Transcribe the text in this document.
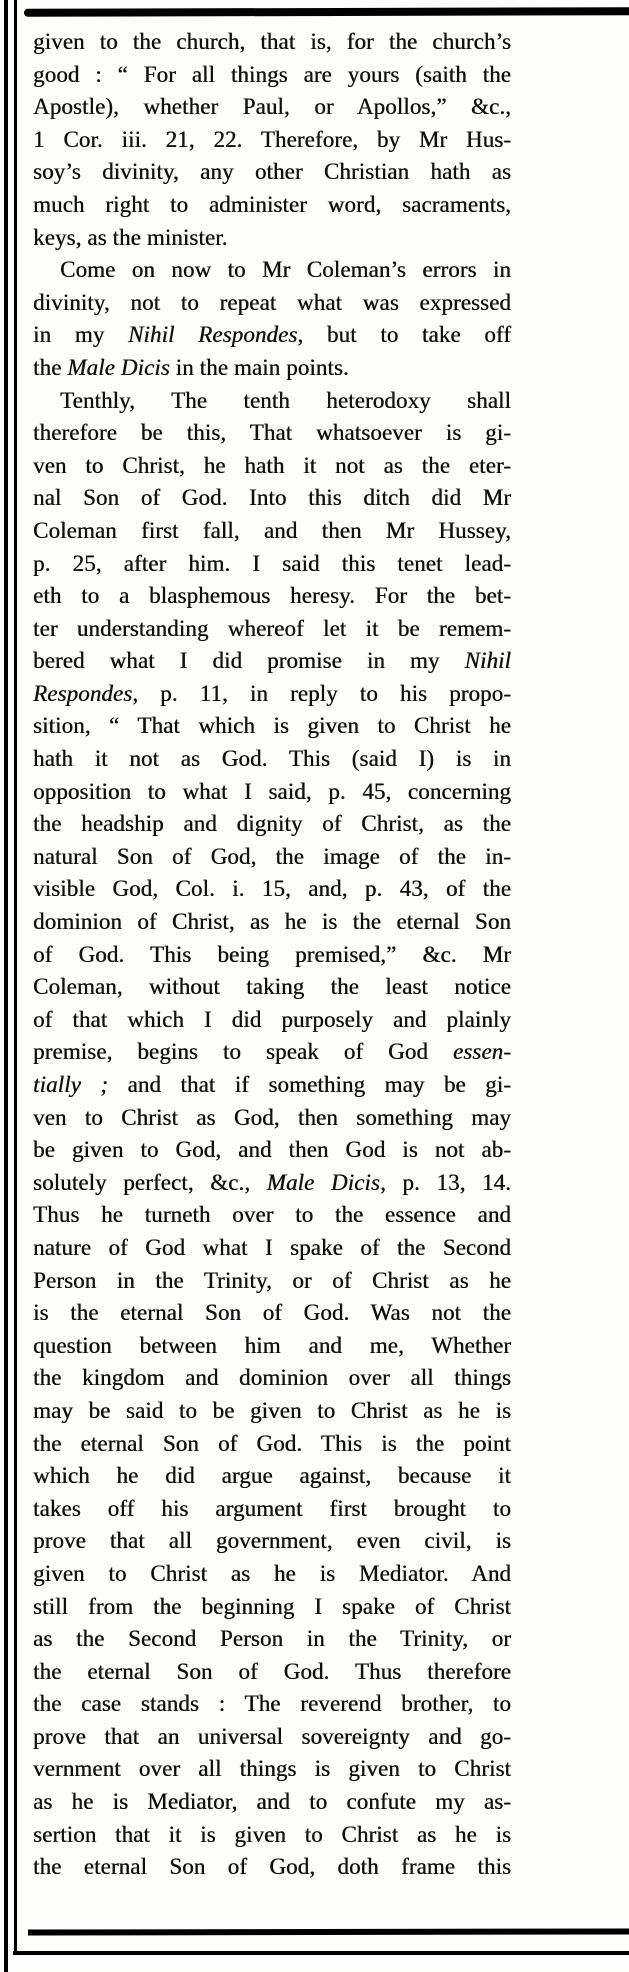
given to the church, that is, for the church’s
good : “ For all things are yours (saith the
Apostle), whether Paul, or Apollos,” &c.,
1 Cor. iii. 21, 22. Therefore, by Mr Hus-
soy’s divinity, any other Christian hath as
much right to administer word, sacraments,
keys, as the minister.
Come on now to Mr Coleman’s errors in
divinity, not to repeat what was expressed
in my Nihil Respondes, but to take off
the Male Dicis in the main points.
Tenthly, The tenth heterodoxy shall
therefore be this, That whatsoever is gi-
ven to Christ, he hath it not as the eter-
nal Son of God. Into this ditch did Mr
Coleman first fall, and then Mr Hussey,
p. 25, after him. I said this tenet lead-
eth to a blasphemous heresy. For the bet-
ter understanding whereof let it be remem-
bered what I did promise in my Nihil
Respondes, p. 11, in reply to his propo-
sition, “ That which is given to Christ he
hath it not as God. This (said I) is in
opposition to what I said, p. 45, concerning
the headship and dignity of Christ, as the
natural Son of God, the image of the in-
visible God, Col. i. 15, and, p. 43, of the
dominion of Christ, as he is the eternal Son
of God. This being premised,” &c. Mr
Coleman, without taking the least notice
of that which I did purposely and plainly
premise, begins to speak of God essen-
tially ; and that if something may be gi-
ven to Christ as God, then something may
be given to God, and then God is not ab-
solutely perfect, &c., Male Dicis, p. 13, 14.
Thus he turneth over to the essence and
nature of God what I spake of the Second
Person in the Trinity, or of Christ as he
is the eternal Son of God. Was not the
question between him and me, Whether
the kingdom and dominion over all things
may be said to be given to Christ as he is
the eternal Son of God. This is the point
which he did argue against, because it
takes off his argument first brought to
prove that all government, even civil, is
given to Christ as he is Mediator. And
still from the beginning I spake of Christ
as the Second Person in the Trinity, or
the eternal Son of God. Thus therefore
the case stands : The reverend brother, to
prove that an universal sovereignty and go-
vernment over all things is given to Christ
as he is Mediator, and to confute my as-
sertion that it is given to Christ as he is
the eternal Son of God, doth frame this
